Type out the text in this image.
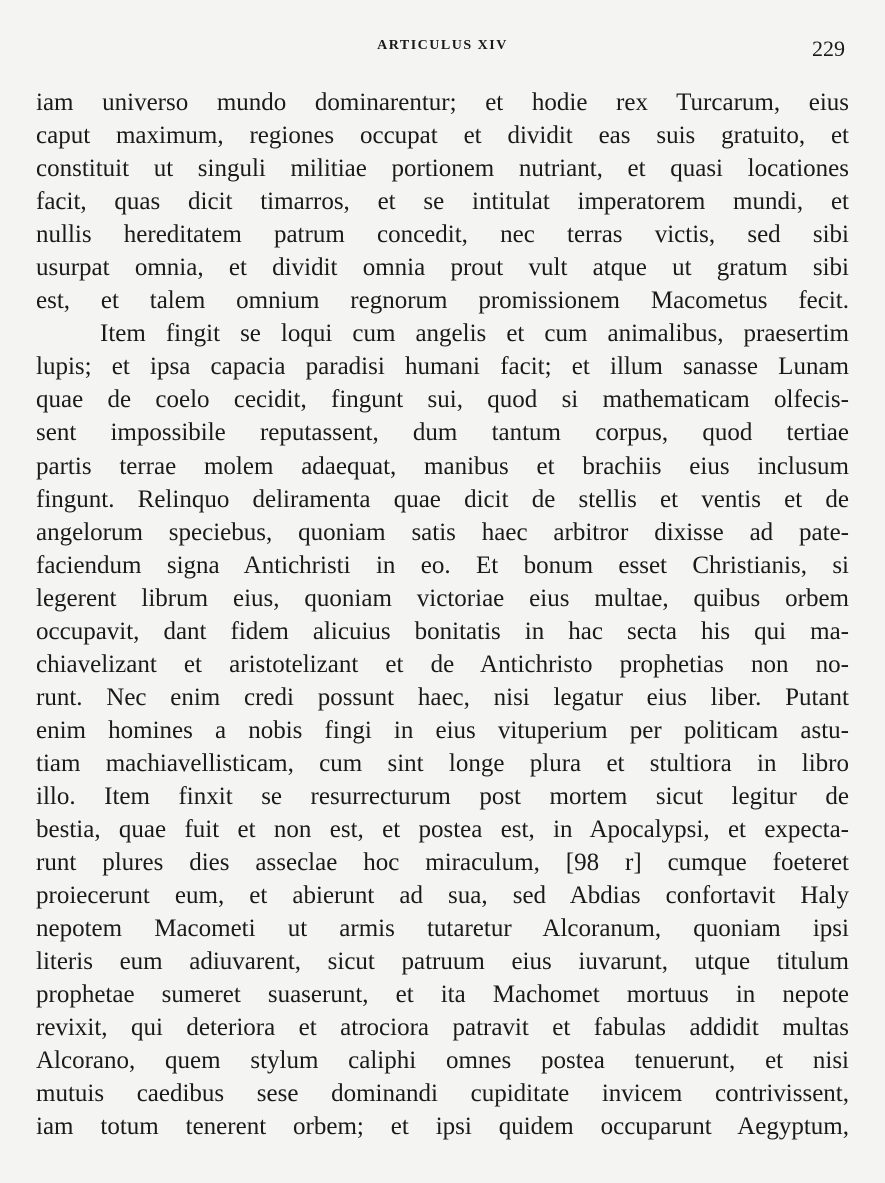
ARTICULUS XIV	229
iam universo mundo dominarentur; et hodie rex Turcarum, eius
caput maximum, regiones occupat et dividit eas suis gratuito, et
constituit ut singuli militiae portionem nutriant, et quasi locationes
facit, quas dicit timarros, et se intitulat imperatorem mundi, et
nullis hereditatem patrum concedit, nec terras victis, sed sibi
usurpat omnia, et dividit omnia prout vult atque ut gratum sibi
est, et talem omnium regnorum promissionem Macometus fecit.
Item fingit se loqui cum angelis et cum animalibus, praesertim
lupis; et ipsa capacia paradisi humani facit; et illum sanasse Lunam
quae de coelo cecidit, fingunt sui, quod si mathematicam olfecis-
sent impossibile reputassent, dum tantum corpus, quod tertiae
partis terrae molem adaequat, manibus et brachiis eius inclusum
fingunt. Relinquo deliramenta quae dicit de stellis et ventis et de
angelorum speciebus, quoniam satis haec arbitror dixisse ad pate-
faciendum signa Antichristi in eo. Et bonum esset Christianis, si
legerent librum eius, quoniam victoriae eius multae, quibus orbem
occupavit, dant fidem alicuius bonitatis in hac secta his qui ma-
chiavelizant et aristotelizant et de Antichristo prophetias non no-
runt. Nec enim credi possunt haec, nisi legatur eius liber. Putant
enim homines a nobis fingi in eius vituperium per politicam astu-
tiam machiavellisticam, cum sint longe plura et stultiora in libro
illo. Item finxit se resurrecturum post mortem sicut legitur de
bestia, quae fuit et non est, et postea est, in Apocalypsi, et expecta-
runt plures dies asseclae hoc miraculum, [98 r] cumque foeteret
proiecerunt eum, et abierunt ad sua, sed Abdias confortavit Haly
nepotem Macometi ut armis tutaretur Alcoranum, quoniam ipsi
literis eum adiuvarent, sicut patruum eius iuvarunt, utque titulum
prophetae sumeret suaserunt, et ita Machomet mortuus in nepote
revixit, qui deteriora et atrociora patravit et fabulas addidit multas
Alcorano, quem stylum caliphi omnes postea tenuerunt, et nisi
mutuis caedibus sese dominandi cupiditate invicem contrivissent,
iam totum tenerent orbem; et ipsi quidem occuparunt Aegyptum,
